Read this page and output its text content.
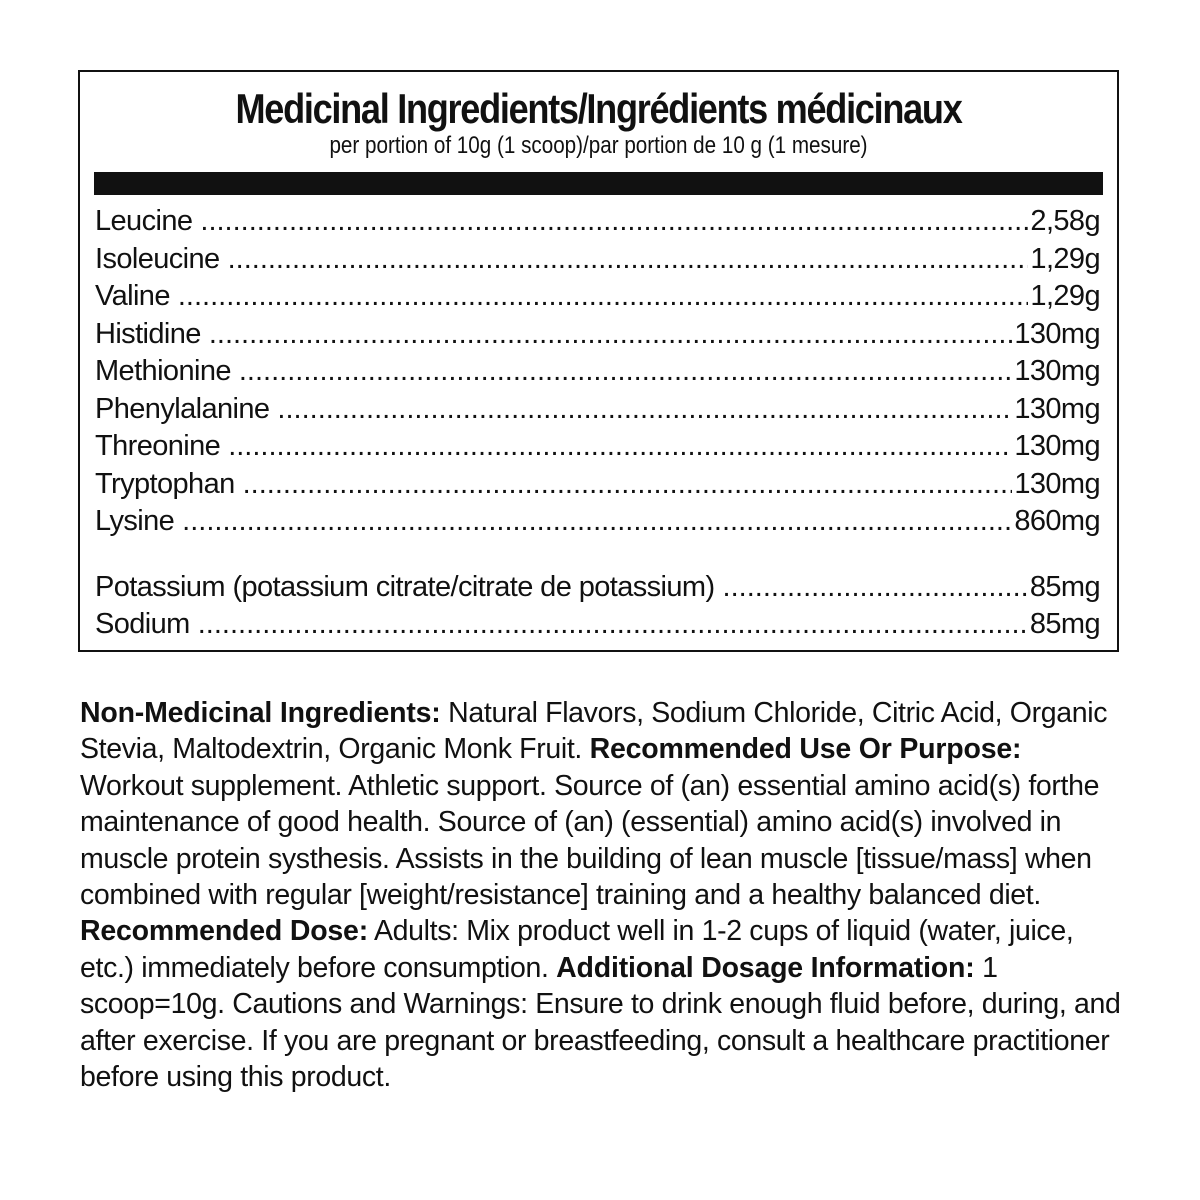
Medicinal Ingredients/Ingrédients médicinaux
per portion of 10g (1 scoop)/par portion de 10 g (1 mesure)
Leucine .....	2,58g
Isoleucine .....	1,29g
Valine .....	1,29g
Histidine .....	130mg
Methionine .....	130mg
Phenylalanine .....	130mg
Threonine .....	130mg
Tryptophan .....	130mg
Lysine .....	860mg
Potassium (potassium citrate/citrate de potassium) .....	85mg
Sodium .....	85mg
Non-Medicinal Ingredients: Natural Flavors, Sodium Chloride, Citric Acid, Organic Stevia, Maltodextrin, Organic Monk Fruit. Recommended Use Or Purpose: Workout supplement. Athletic support. Source of (an) essential amino acid(s) forthe maintenance of good health. Source of (an) (essential) amino acid(s) involved in muscle protein systhesis. Assists in the building of lean muscle [tissue/mass] when combined with regular [weight/resistance] training and a healthy balanced diet. Recommended Dose: Adults: Mix product well in 1-2 cups of liquid (water, juice, etc.) immediately before consumption. Additional Dosage Information: 1 scoop=10g. Cautions and Warnings: Ensure to drink enough fluid before, during, and after exercise. If you are pregnant or breastfeeding, consult a healthcare practitioner before using this product.
